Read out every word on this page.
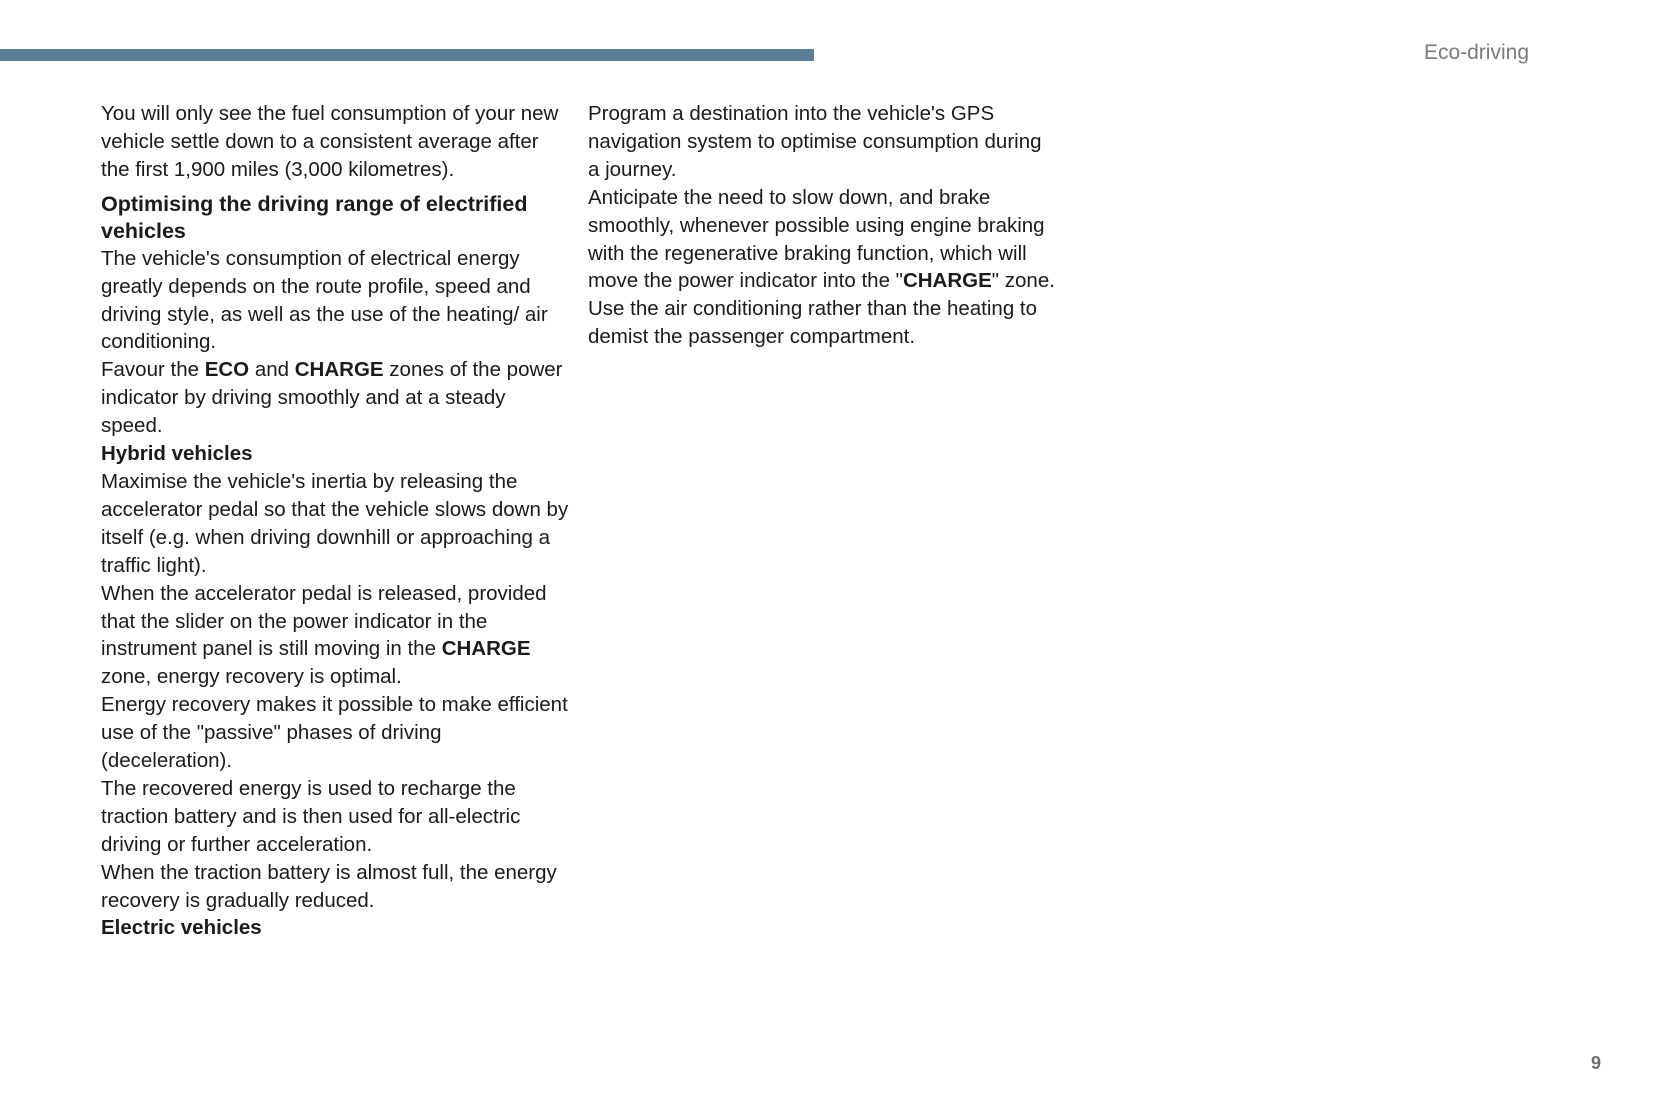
Eco-driving

You will only see the fuel consumption of your new vehicle settle down to a consistent average after the first 1,900 miles (3,000 kilometres).

Optimising the driving range of electrified vehicles

The vehicle's consumption of electrical energy greatly depends on the route profile, speed and driving style, as well as the use of the heating/ air conditioning.

Favour the ECO and CHARGE zones of the power indicator by driving smoothly and at a steady speed.

Hybrid vehicles

Maximise the vehicle's inertia by releasing the accelerator pedal so that the vehicle slows down by itself (e.g. when driving downhill or approaching a traffic light).

When the accelerator pedal is released, provided that the slider on the power indicator in the instrument panel is still moving in the CHARGE zone, energy recovery is optimal.

Energy recovery makes it possible to make efficient use of the "passive" phases of driving (deceleration).

The recovered energy is used to recharge the traction battery and is then used for all-electric driving or further acceleration.

When the traction battery is almost full, the energy recovery is gradually reduced.

Electric vehicles

Program a destination into the vehicle's GPS navigation system to optimise consumption during a journey.

Anticipate the need to slow down, and brake smoothly, whenever possible using engine braking with the regenerative braking function, which will move the power indicator into the "CHARGE" zone.

Use the air conditioning rather than the heating to demist the passenger compartment.

9
